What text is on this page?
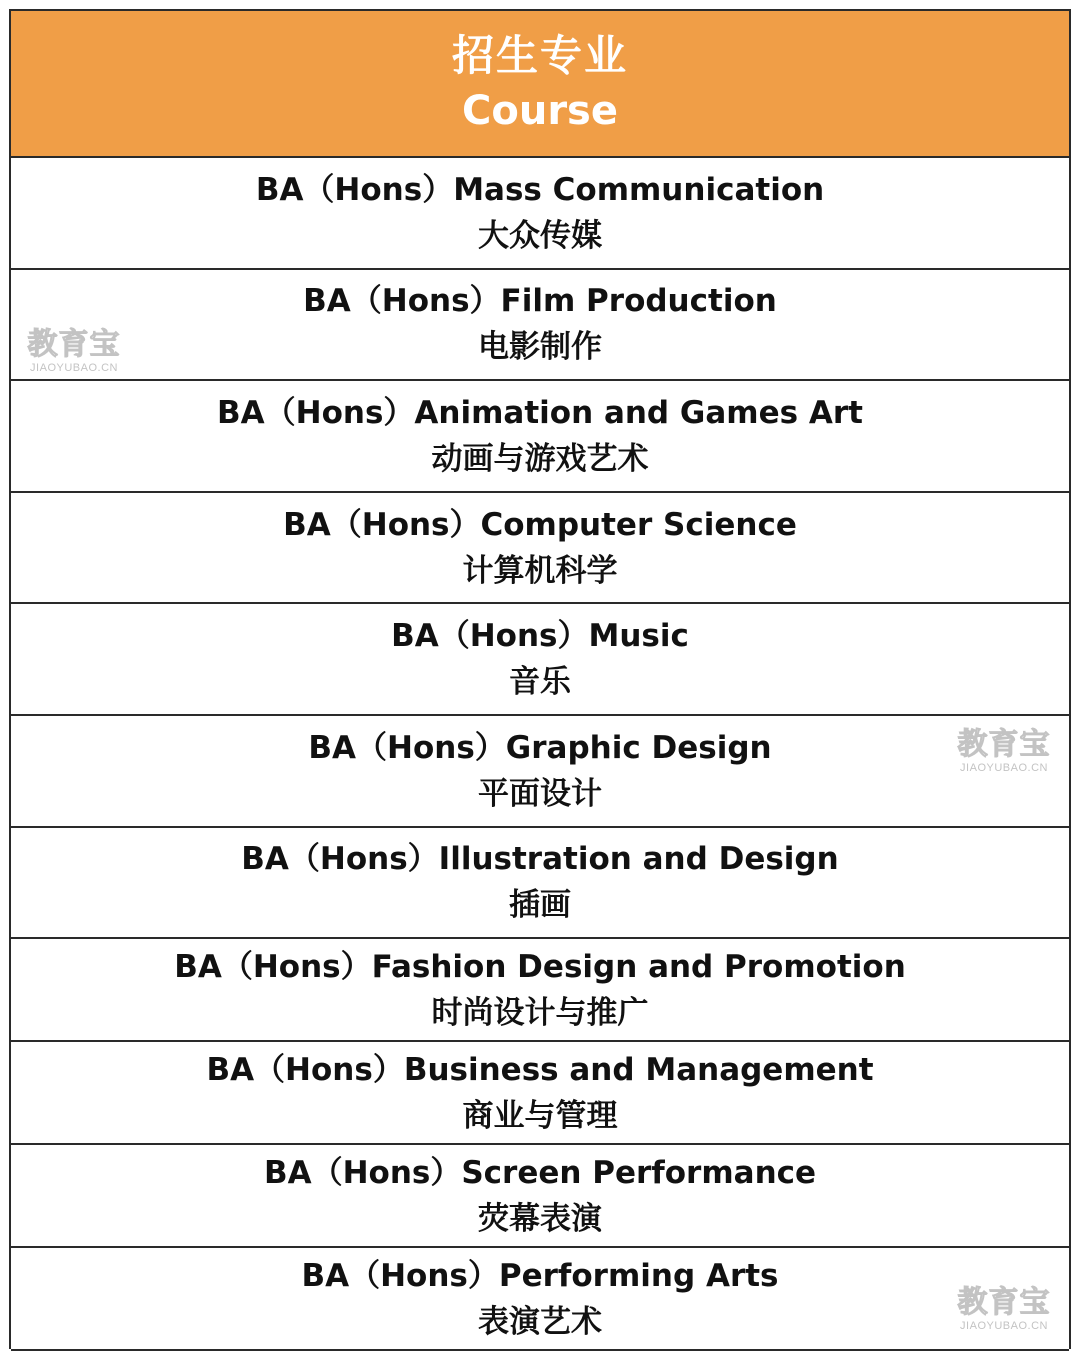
招生专业
Course
BA（Hons）Mass Communication
大众传媒
BA（Hons）Film Production
电影制作
BA（Hons）Animation and Games Art
动画与游戏艺术
BA（Hons）Computer Science
计算机科学
BA（Hons）Music
音乐
BA（Hons）Graphic Design
平面设计
BA（Hons）Illustration and Design
插画
BA（Hons）Fashion Design and Promotion
时尚设计与推广
BA（Hons）Business and Management
商业与管理
BA（Hons）Screen Performance
荧幕表演
BA（Hons）Performing Arts
表演艺术
教育宝
JIAOYUBAO.CN
教育宝
JIAOYUBAO.CN
教育宝
JIAOYUBAO.CN
